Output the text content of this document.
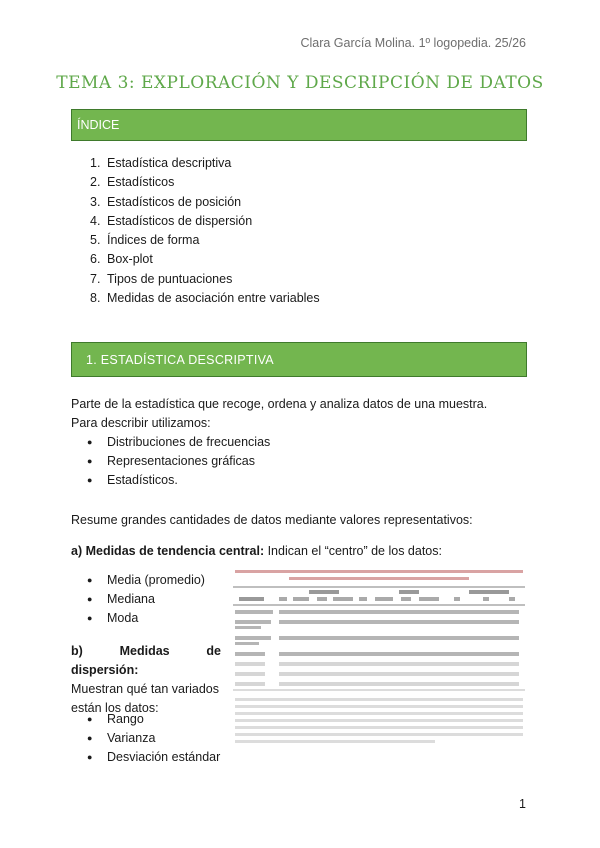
Clara García Molina. 1º logopedia. 25/26
TEMA 3: EXPLORACIÓN Y DESCRIPCIÓN DE DATOS
ÍNDICE
1. Estadística descriptiva
2. Estadísticos
3. Estadísticos de posición
4. Estadísticos de dispersión
5. Índices de forma
6. Box-plot
7. Tipos de puntuaciones
8. Medidas de asociación entre variables
1. ESTADÍSTICA DESCRIPTIVA
Parte de la estadística que recoge, ordena y analiza datos de una muestra.
Para describir utilizamos:
● Distribuciones de frecuencias
● Representaciones gráficas
● Estadísticos.
Resume grandes cantidades de datos mediante valores representativos:
a) Medidas de tendencia central: Indican el “centro” de los datos:
● Media (promedio)
● Mediana
● Moda
b) Medidas de dispersión:
Muestran qué tan variados
están los datos:
● Rango
● Varianza
● Desviación estándar
1
